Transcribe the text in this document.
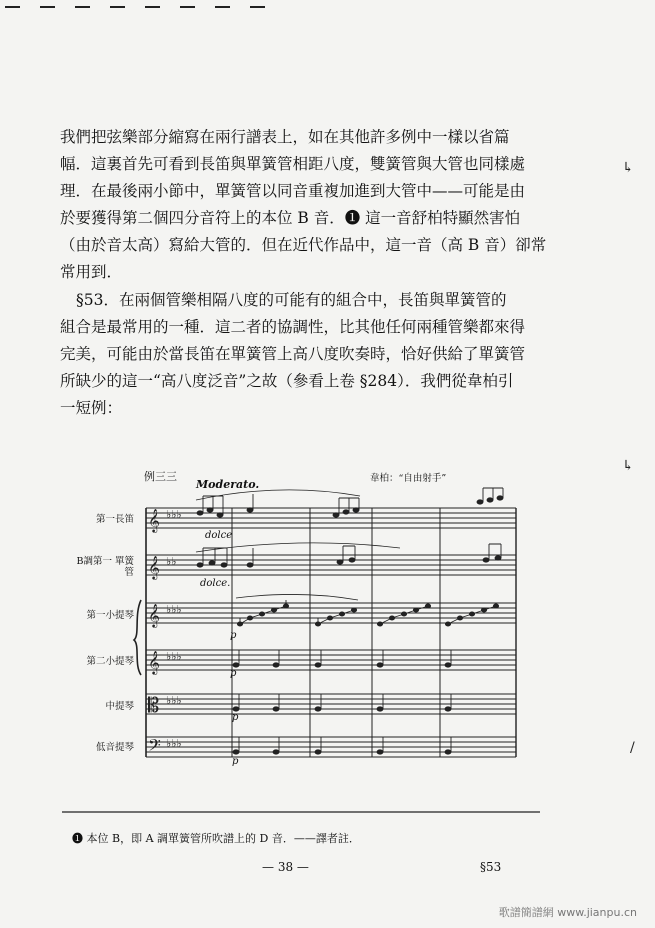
我們把弦樂部分縮寫在兩行譜表上，如在其他許多例中一樣以省篇
幅．這裏首先可看到長笛與單簧管相距八度，雙簧管與大管也同樣處
理．在最後兩小節中，單簧管以同音重複加進到大管中——可能是由
於要獲得第二個四分音符上的本位 B 音．❶ 這一音舒柏特顯然害怕
（由於音太高）寫給大管的．但在近代作品中，這一音（高 B 音）卻常
常用到．
§53．在兩個管樂相隔八度的可能有的組合中，長笛與單簧管的
組合是最常用的一種．這二者的協調性，比其他任何兩種管樂都來得
完美，可能由於當長笛在單簧管上高八度吹奏時，恰好供給了單簧管
所缺少的這一“高八度泛音”之故（參看上卷 §284）．我們從韋柏引
一短例：
例三三
Moderato.	韋柏：“自由射手”
第一長笛
B調第一 單簧管
第一小提琴
第二小提琴
中提琴
低音提琴
dolce
dolce.
p
p
p
p
𝄞
𝄞
𝄞
𝄞
𝄡
𝄢
♭♭♭
♭♭
♭♭♭
♭♭♭
♭♭♭
♭♭♭
❶ 本位 B，即 A 調單簧管所吹譜上的 D 音．——譯者註．
— 38 —	§53
↳
↳
/
歌譜簡譜網 www.jianpu.cn
